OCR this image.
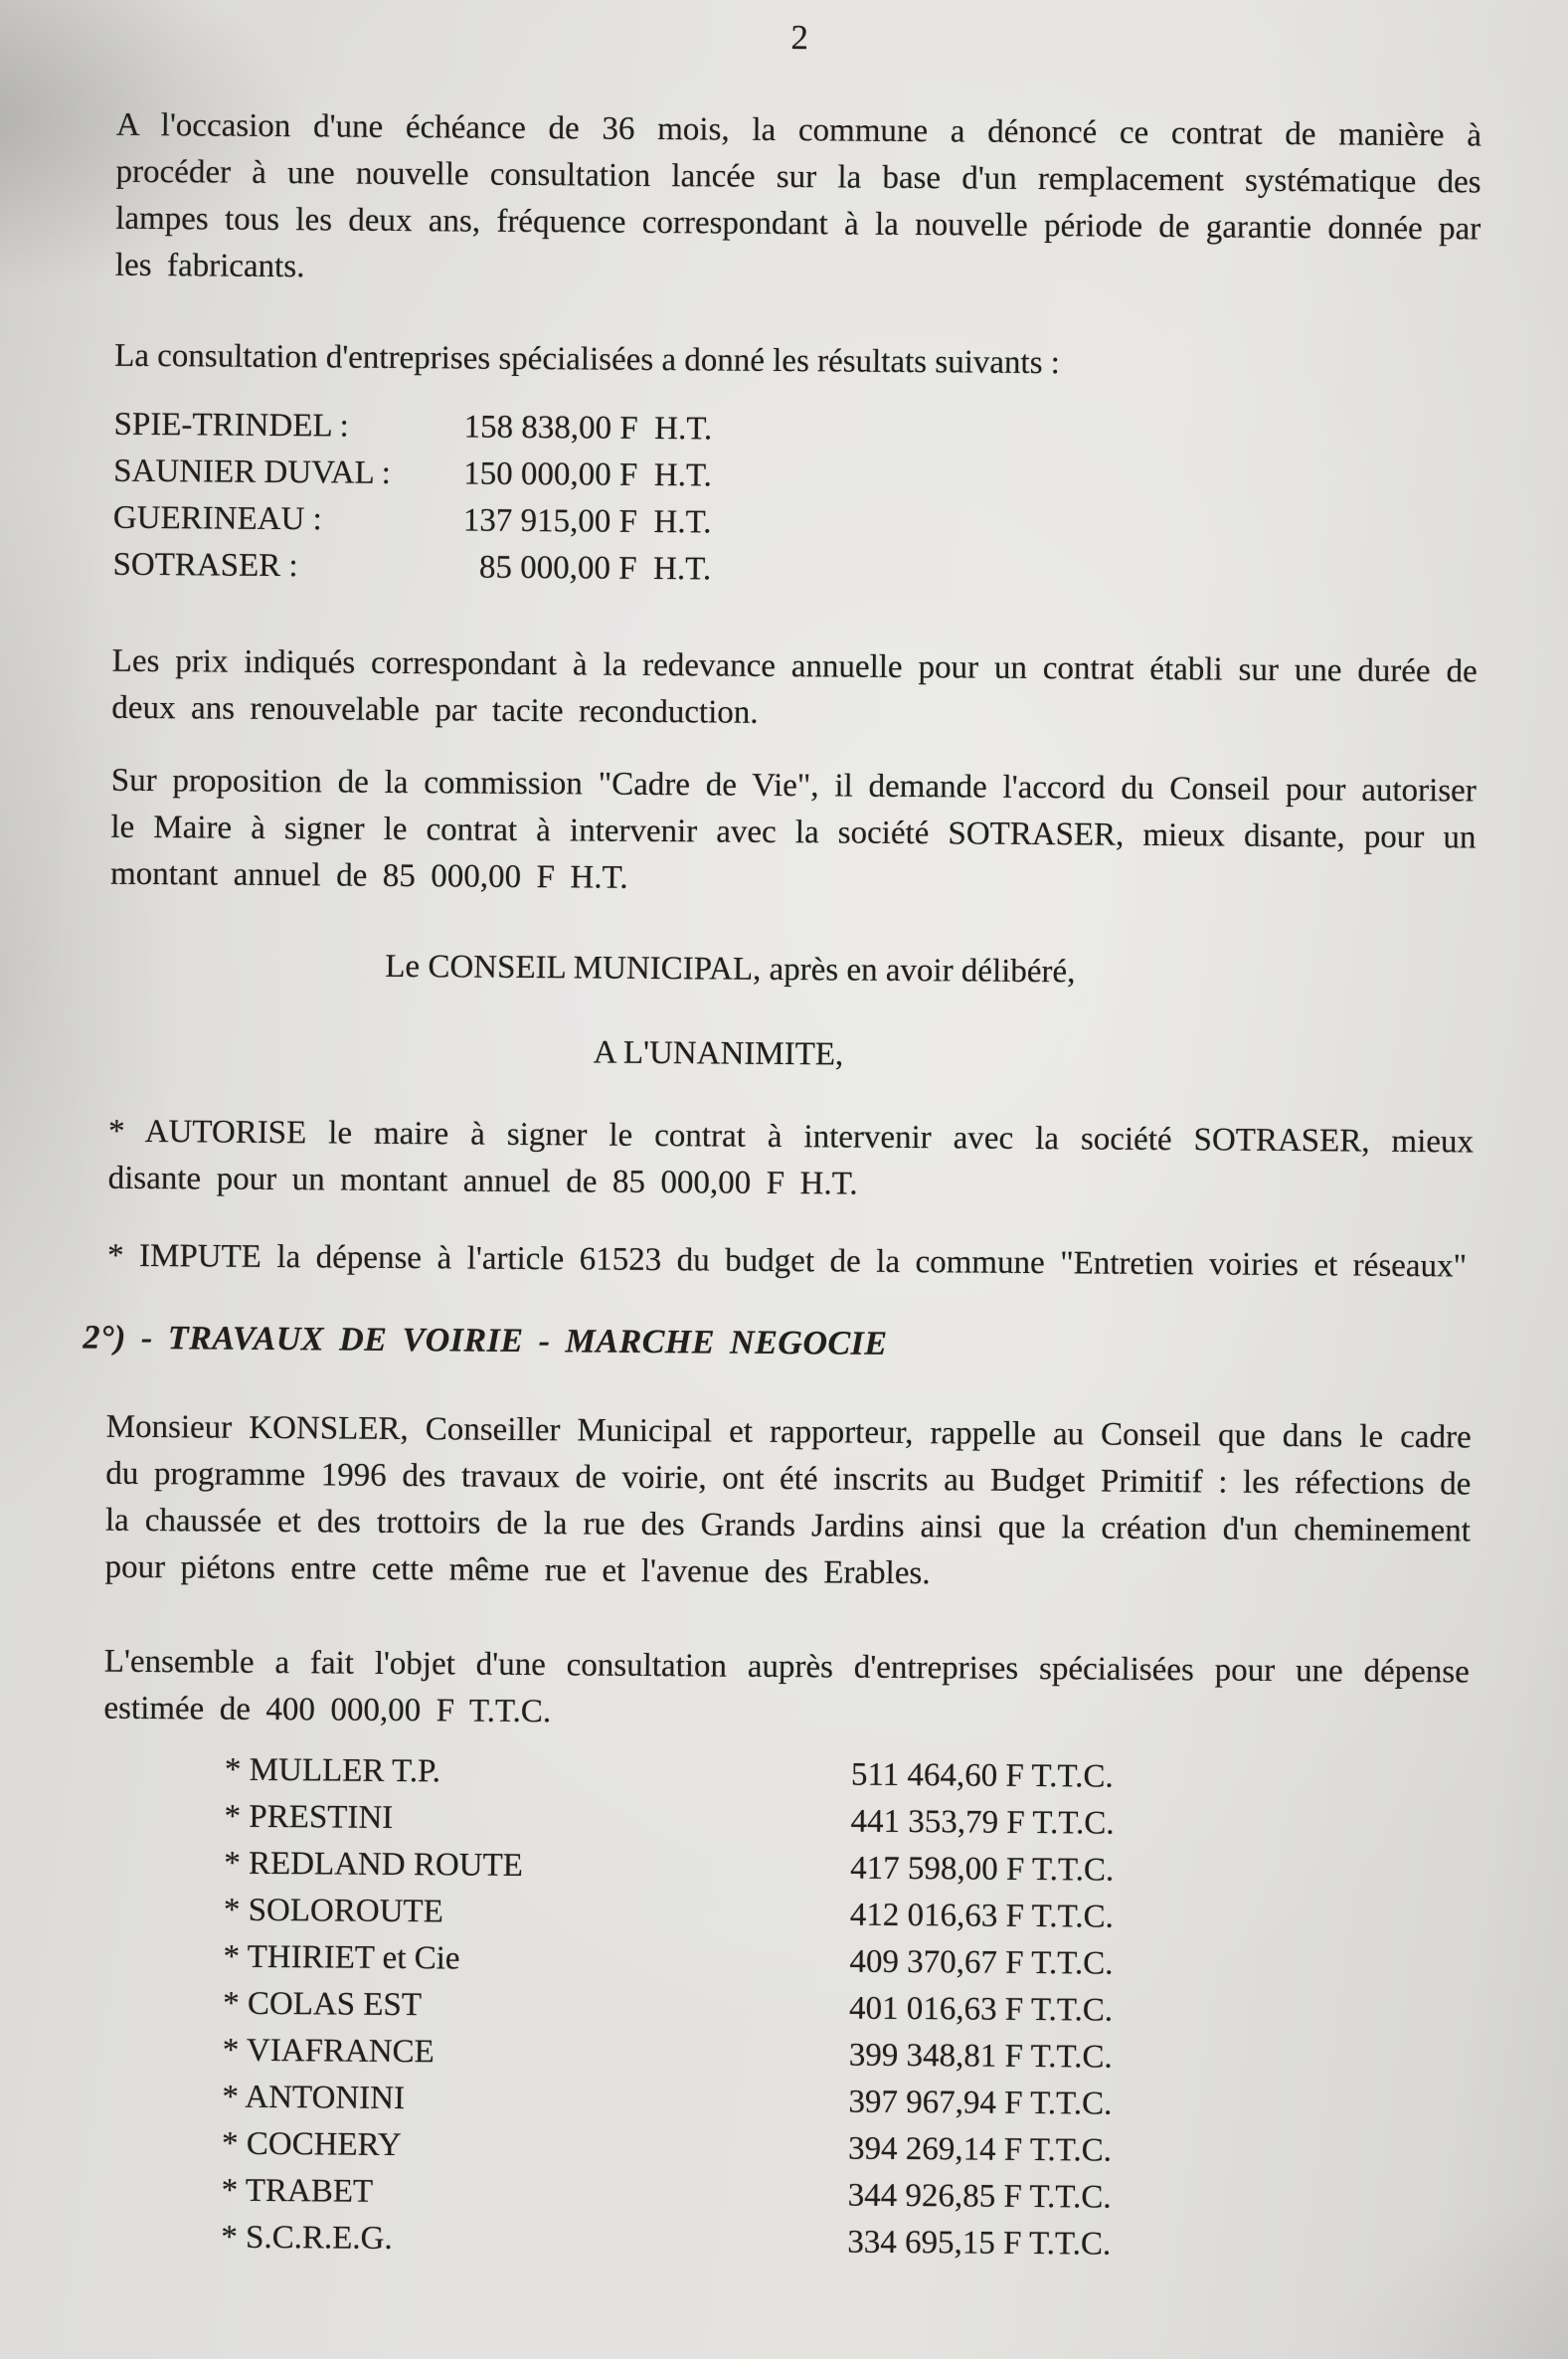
2

A l'occasion d'une échéance de 36 mois, la commune a dénoncé ce contrat de manière à procéder à une nouvelle consultation lancée sur la base d'un remplacement systématique des lampes tous les deux ans, fréquence correspondant à la nouvelle période de garantie donnée par les fabricants.

La consultation d'entreprises spécialisées a donné les résultats suivants :

SPIE-TRINDEL :	158 838,00 F  H.T.
SAUNIER DUVAL : 150 000,00 F  H.T.
GUERINEAU :	137 915,00 F  H.T.
SOTRASER :	 85 000,00 F  H.T.

Les prix indiqués correspondant à la redevance annuelle pour un contrat établi sur une durée de deux ans renouvelable par tacite reconduction.

Sur proposition de la commission "Cadre de Vie", il demande l'accord du Conseil pour autoriser le Maire à signer le contrat à intervenir avec la société SOTRASER, mieux disante, pour un montant annuel de 85 000,00 F H.T.

Le CONSEIL MUNICIPAL, après en avoir délibéré,

A L'UNANIMITE,

* AUTORISE le maire à signer le contrat à intervenir avec la société SOTRASER, mieux disante pour un montant annuel de 85 000,00 F H.T.

* IMPUTE la dépense à l'article 61523 du budget de la commune "Entretien voiries et réseaux"

2°) - TRAVAUX DE VOIRIE - MARCHE NEGOCIE

Monsieur KONSLER, Conseiller Municipal et rapporteur, rappelle au Conseil que dans le cadre du programme 1996 des travaux de voirie, ont été inscrits au Budget Primitif : les réfections de la chaussée et des trottoirs de la rue des Grands Jardins ainsi que la création d'un cheminement pour piétons entre cette même rue et l'avenue des Erables.

L'ensemble a fait l'objet d'une consultation auprès d'entreprises spécialisées pour une dépense estimée de 400 000,00 F T.T.C.

* MULLER T.P.	511 464,60 F T.T.C.
* PRESTINI	441 353,79 F T.T.C.
* REDLAND ROUTE	417 598,00 F T.T.C.
* SOLOROUTE	412 016,63 F T.T.C.
* THIRIET et Cie	409 370,67 F T.T.C.
* COLAS EST	401 016,63 F T.T.C.
* VIAFRANCE	399 348,81 F T.T.C.
* ANTONINI	397 967,94 F T.T.C.
* COCHERY	394 269,14 F T.T.C.
* TRABET	344 926,85 F T.T.C.
* S.C.R.E.G.	334 695,15 F T.T.C.
